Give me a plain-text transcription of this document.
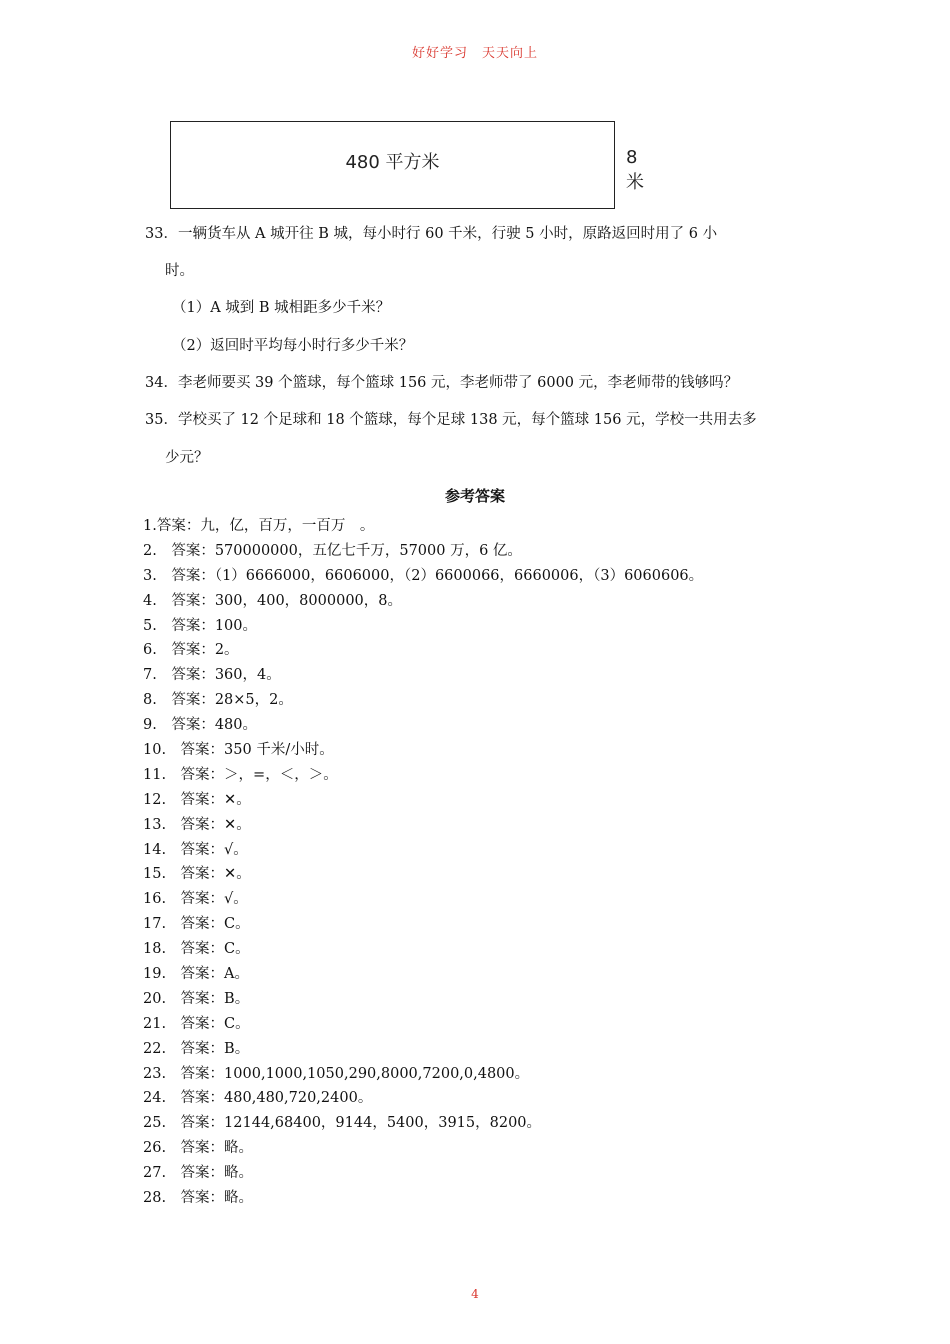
好好学习　天天向上
480 平方米	8 米
33．一辆货车从 A 城开往 B 城，每小时行 60 千米，行驶 5 小时，原路返回时用了 6 小
时。
（1）A 城到 B 城相距多少千米？
（2）返回时平均每小时行多少千米？
34．李老师要买 39 个篮球，每个篮球 156 元，李老师带了 6000 元，李老师带的钱够吗？
35．学校买了 12 个足球和 18 个篮球，每个足球 138 元，每个篮球 156 元，学校一共用去多
少元？
参考答案
1.答案：九，亿，百万，一百万　。
2.　答案：570000000，五亿七千万，57000 万，6 亿。
3.　答案：（1）6666000，6606000，（2）6600066，6660006，（3）6060606。
4.　答案：300，400，8000000，8。
5.　答案：100。
6.　答案：2。
7.　答案：360，4。
8.　答案：28×5，2。
9.　答案：480。
10.　答案：350 千米/小时。
11.　答案：＞，=，＜，＞。
12.　答案：✕。
13.　答案：✕。
14.　答案：√。
15.　答案：✕。
16.　答案：√。
17.　答案：C。
18.　答案：C。
19.　答案：A。
20.　答案：B。
21.　答案：C。
22.　答案：B。
23.　答案：1000,1000,1050,290,8000,7200,0,4800。
24.　答案：480,480,720,2400。
25.　答案：12144,68400，9144，5400，3915，8200。
26.　答案：略。
27.　答案：略。
28.　答案：略。
4
